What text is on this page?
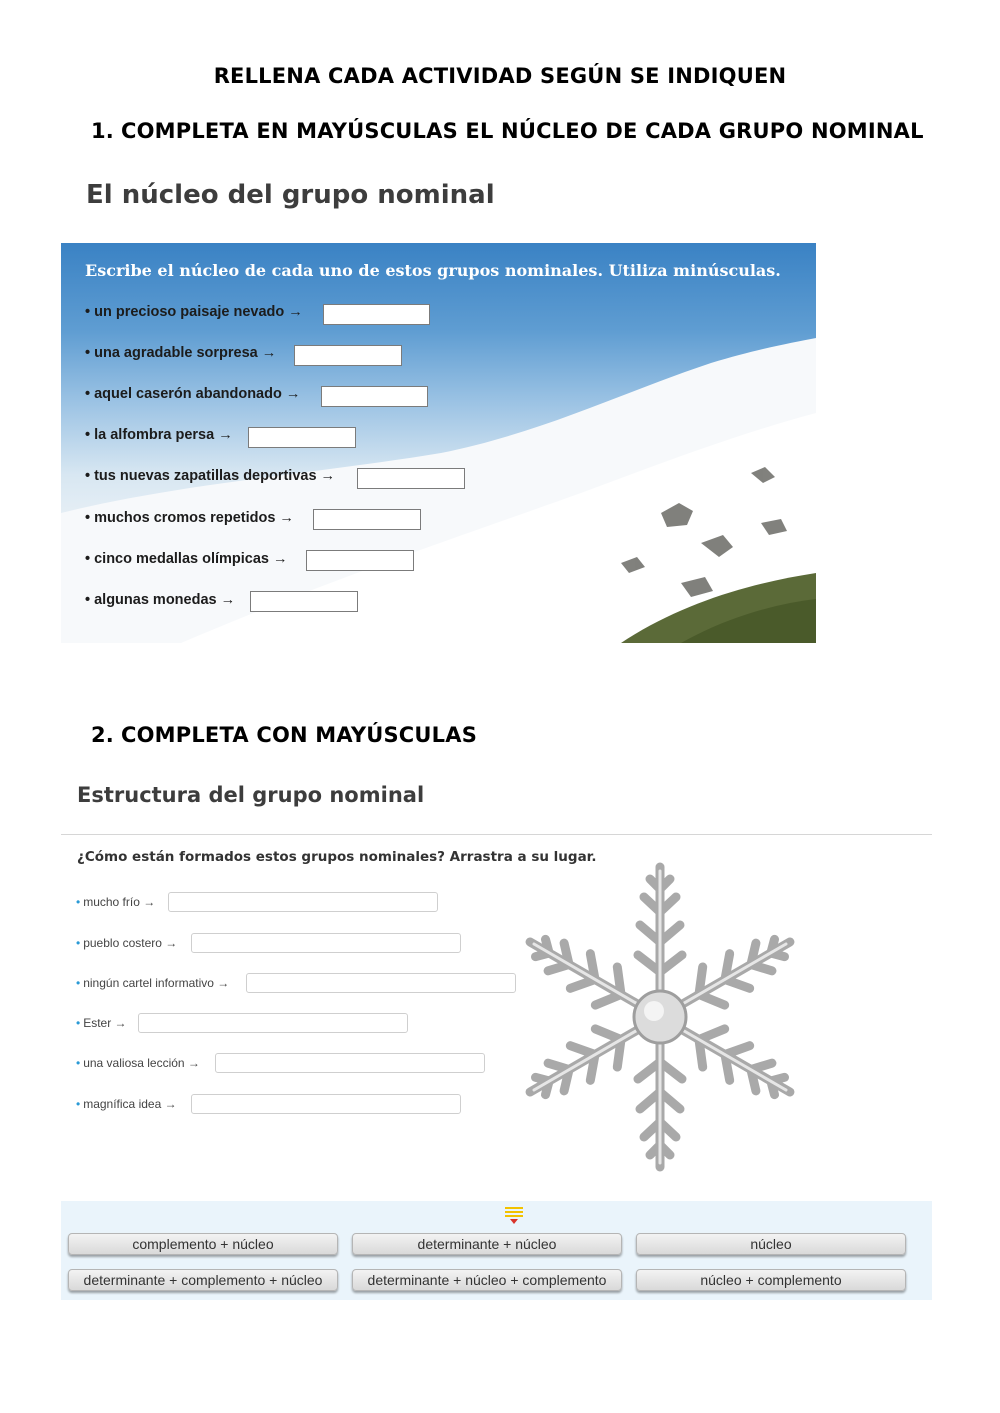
RELLENA CADA ACTIVIDAD SEGÚN SE INDIQUEN
1. COMPLETA EN MAYÚSCULAS EL NÚCLEO DE CADA GRUPO NOMINAL
El núcleo del grupo nominal
Escribe el núcleo de cada uno de estos grupos nominales. Utiliza minúsculas.
• un precioso paisaje nevado →
• una agradable sorpresa →
• aquel caserón abandonado →
• la alfombra persa →
• tus nuevas zapatillas deportivas →
• muchos cromos repetidos →
• cinco medallas olímpicas →
• algunas monedas →
2. COMPLETA CON MAYÚSCULAS
Estructura del grupo nominal
¿Cómo están formados estos grupos nominales? Arrastra a su lugar.
• mucho frío →
• pueblo costero →
• ningún cartel informativo →
• Ester →
• una valiosa lección →
• magnífica idea →
complemento + núcleo	determinante + núcleo	núcleo
determinante + complemento + núcleo	determinante + núcleo + complemento	núcleo + complemento
